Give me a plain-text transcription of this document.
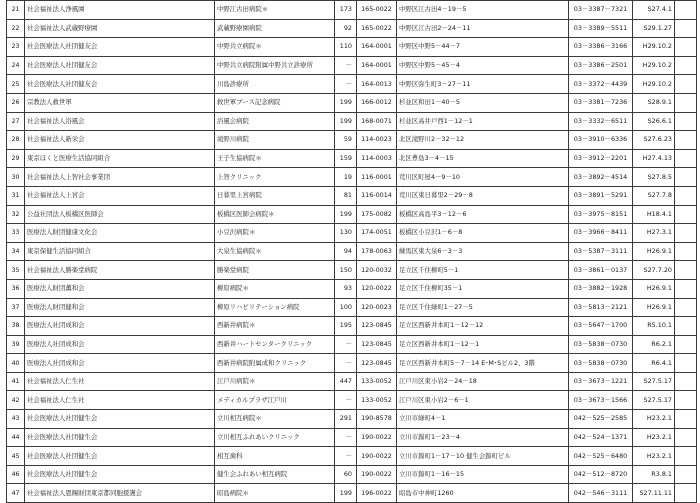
21	社会福祉法人浄風園	中野江古田病院＊	173	165-0022	中野区江古田4－19－5	03－3387－7321	S27.4.1	
22	社会福祉法人武蔵野療園	武蔵野療園病院	92	165-0022	中野区江古田2－24－11	03－3389－5511	S29.1.27	
23	社会医療法人社団健友会	中野共立病院＊	110	164-0001	中野区中野5－44－7	03－3386－3166	H29.10.2	
24	社会医療法人社団健友会	中野共立病院附属中野共立診療所	－	164-0001	中野区中野5－45－4	03－3386－2501	H29.10.2	
25	社会医療法人社団健友会	川島診療所	－	164-0013	中野区弥生町3－27－11	03－3372－4439	H29.10.2	
26	宗教法人救世軍	救世軍ブース記念病院	199	166-0012	杉並区和田1－40－5	03－3381－7236	S28.9.1	
27	社会福祉法人浴風会	浴風会病院	199	168-0071	杉並区高井戸西1－12－1	03－3332－6511	S26.6.1	
28	社会福祉法人新栄会	滝野川病院	59	114-0023	北区滝野川2－32－12	03－3910－6336	S27.6.23	
29	東京ほくと医療生活協同組合	王子生協病院＊	159	114-0003	北区豊島3－4－15	03－3912－2201	H27.4.13	
30	社会福祉法人上智社会事業団	上智クリニック	19	116-0001	荒川区町屋4－9－10	03－3892－4514	S27.8.5	
31	社会福祉法人上宮会	日暮里上宮病院	81	116-0014	荒川区東日暮里2－29－8	03－3891－5291	S27.7.8	
32	公益社団法人板橋区医師会	板橋区医師会病院＊	199	175-0082	板橋区高島平3－12－6	03－3975－8151	H18.4.1	
33	医療法人財団健康文化会	小豆沢病院＊	130	174-0051	板橋区小豆沢1－6－8	03－3966－8411	H27.3.1	
34	東京保健生活協同組合	大泉生協病院＊	94	178-0063	練馬区東大泉6－3－3	03－5387－3111	H26.9.1	
35	社会福祉法人勝楽堂病院	勝楽堂病院	150	120-0032	足立区千住柳町5－1	03－3861－0137	S27.7.20	
36	医療法人財団薫和会	柳原病院＊	93	120-0022	足立区千住柳町35－1	03－3882－1928	H26.9.1	
37	医療法人財団健和会	柳原リハビリテーション病院	100	120-0023	足立区千住緑町1－27－5	03－5813－2121	H26.9.1	
38	医療法人社団成和会	西新井病院＊	195	123-0845	足立区西新井本町1－12－12	03－5647－1700	R5.10.1	
39	医療法人社団成和会	西新井ハートセンタークリニック	－	123-0845	足立区西新井本町1－12－1	03－5838－0730	R6.2.1	
40	医療法人社団成和会	西新井病院附属成和クリニック	－	123-0845	足立区西新井本町5－7－14 E･M･Sビル2、3階	03－5838－0730	R6.4.1	
41	社会福祉法人仁生社	江戸川病院＊	447	133-0052	江戸川区東小岩2－24－18	03－3673－1221	S27.5.17	
42	社会福祉法人仁生社	メディカルプラザ江戸川	－	133-0052	江戸川区東小岩2－6－1	03－3673－1566	S27.5.17	
43	社会医療法人社団健生会	立川相互病院＊	291	190-8578	立川市緑町4－1	042－525－2585	H23.2.1	
44	社会医療法人社団健生会	立川相互ふれあいクリニック	－	190-0022	立川市錦町1－23－4	042－524－1371	H23.2.1	
45	社会医療法人社団健生会	相互歯科	－	190-0022	立川市錦町1－17－10 健生会錦町ビル	042－525－6480	H23.2.1	
46	社会医療法人社団健生会	健生会ふれあい相互病院	60	190-0022	立川市錦町1－16－15	042－512－8720	R3.8.1	
47	社会福祉法人恩賜財団東京都同胞援護会	昭島病院＊	199	196-0022	昭島市中神町1260	042－546－3111	S27.11.11	
